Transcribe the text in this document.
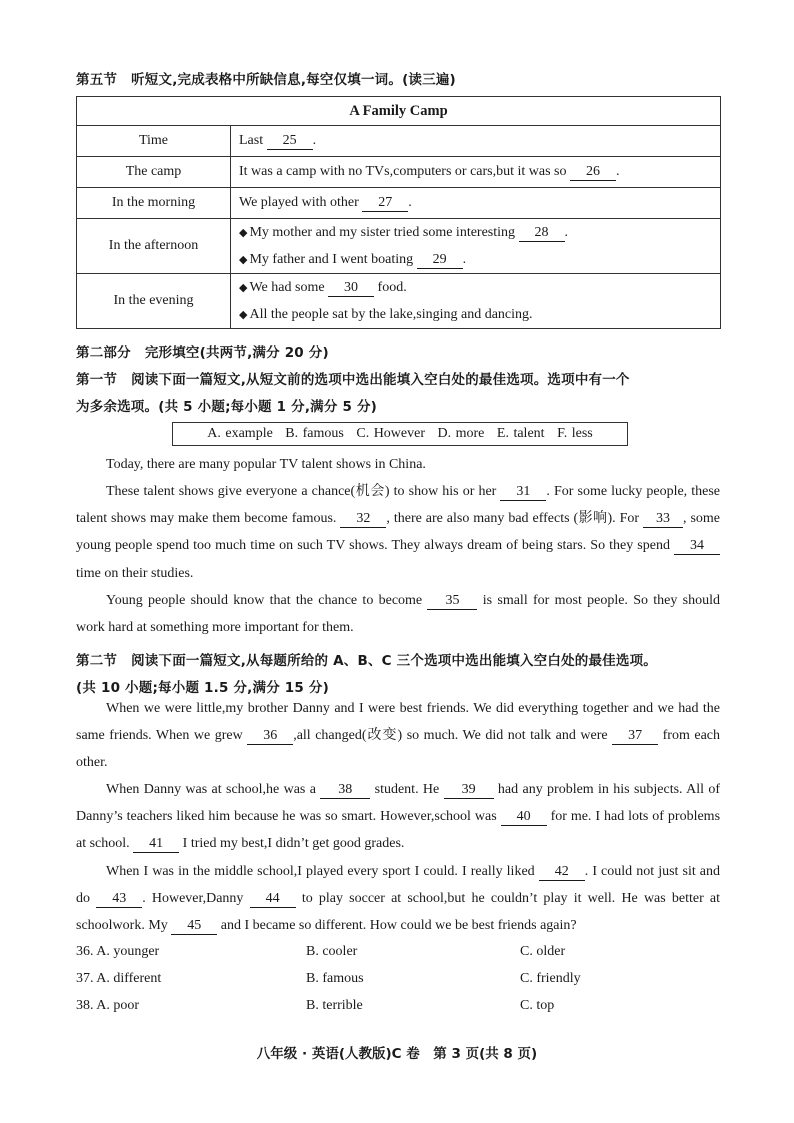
第五节 听短文,完成表格中所缺信息,每空仅填一词。(读三遍)
A Family Camp	
Time	Last 25 .
The camp	It was a camp with no TVs,computers or cars,but it was so 26 .
In the morning	We played with other 27 .
In the afternoon	◆ My mother and my sister tried some interesting 28 .
◆ My father and I went boating 29 .

In the evening	◆ We had some 30 food.
◆ All the people sat by the lake,singing and dancing.
第二部分 完形填空(共两节,满分 20 分)
第一节 阅读下面一篇短文,从短文前的选项中选出能填入空白处的最佳选项。选项中有一个
为多余选项。(共 5 小题;每小题 1 分,满分 5 分)
A. example B. famous C. However D. more E. talent F. less
Today, there are many popular TV talent shows in China.
These talent shows give everyone a chance(机会) to show his or her 31 . For some lucky people, these talent shows may make them become famous. 32 , there are also many bad effects (影响). For 33 , some young people spend too much time on such TV shows. They always dream of being stars. So they spend 34 time on their studies.
Young people should know that the chance to become 35 is small for most people. So they should work hard at something more important for them.
第二节 阅读下面一篇短文,从每题所给的 A、B、C 三个选项中选出能填入空白处的最佳选项。
(共 10 小题;每小题 1.5 分,满分 15 分)
When we were little,my brother Danny and I were best friends. We did everything together and we had the same friends. When we grew 36 ,all changed(改变) so much. We did not talk and were 37 from each other.
When Danny was at school,he was a 38 student. He 39 had any problem in his subjects. All of Danny’s teachers liked him because he was so smart. However,school was 40 for me. I had lots of problems at school. 41 I tried my best,I didn’t get good grades.
When I was in the middle school,I played every sport I could. I really liked 42 . I could not just sit and do 43 . However,Danny 44 to play soccer at school,but he couldn’t play it well. He was better at schoolwork. My 45 and I became so different. How could we be best friends again?
36. A. younger	B. cooler	C. older
37. A. different	B. famous	C. friendly
38. A. poor	B. terrible	C. top
八年级 · 英语(人教版)C 卷　第 3 页(共 8 页)
